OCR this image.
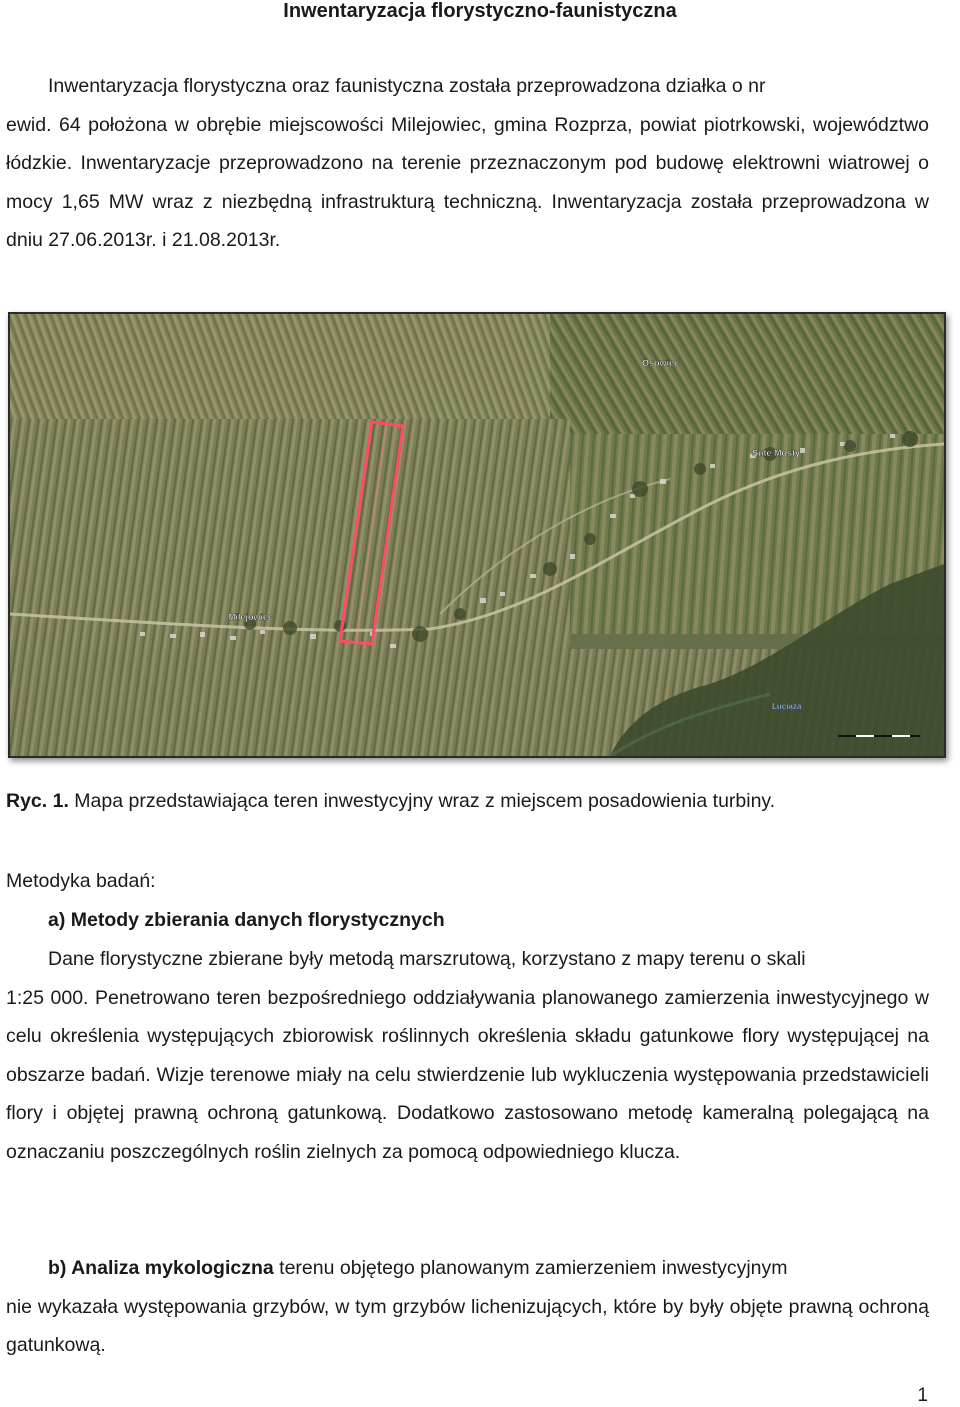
Inwentaryzacja florystyczno-faunistyczna

Inwentaryzacja florystyczna oraz faunistyczna została przeprowadzona działka o nr
ewid. 64 położona w obrębie miejscowości Milejowiec, gmina Rozprza, powiat piotrkowski, województwo łódzkie. Inwentaryzacje przeprowadzono na terenie przeznaczonym pod budowę elektrowni wiatrowej o mocy 1,65 MW wraz z niezbędną infrastrukturą techniczną. Inwentaryzacja została przeprowadzona w dniu 27.06.2013r. i 21.08.2013r.

Osowiec
Sute Mosty
Milejowiec
Luciąża
Ryc. 1. Mapa przedstawiająca teren inwestycyjny wraz z miejscem posadowienia turbiny.
Metodyka badań:
a) Metody zbierania danych florystycznych

Dane florystyczne zbierane były metodą marszrutową, korzystano z mapy terenu o skali
1:25 000. Penetrowano teren bezpośredniego oddziaływania planowanego zamierzenia inwestycyjnego w celu określenia występujących zbiorowisk roślinnych określenia składu gatunkowe flory występującej na obszarze badań. Wizje terenowe miały na celu stwierdzenie lub wykluczenia występowania przedstawicieli flory i objętej prawną ochroną gatunkową. Dodatkowo zastosowano metodę kameralną polegającą na oznaczaniu poszczególnych roślin zielnych za pomocą odpowiedniego klucza.

b) Analiza mykologiczna terenu objętego planowanym zamierzeniem inwestycyjnym
nie wykazała występowania grzybów, w tym grzybów lichenizujących, które by były objęte prawną ochroną gatunkową.

1
